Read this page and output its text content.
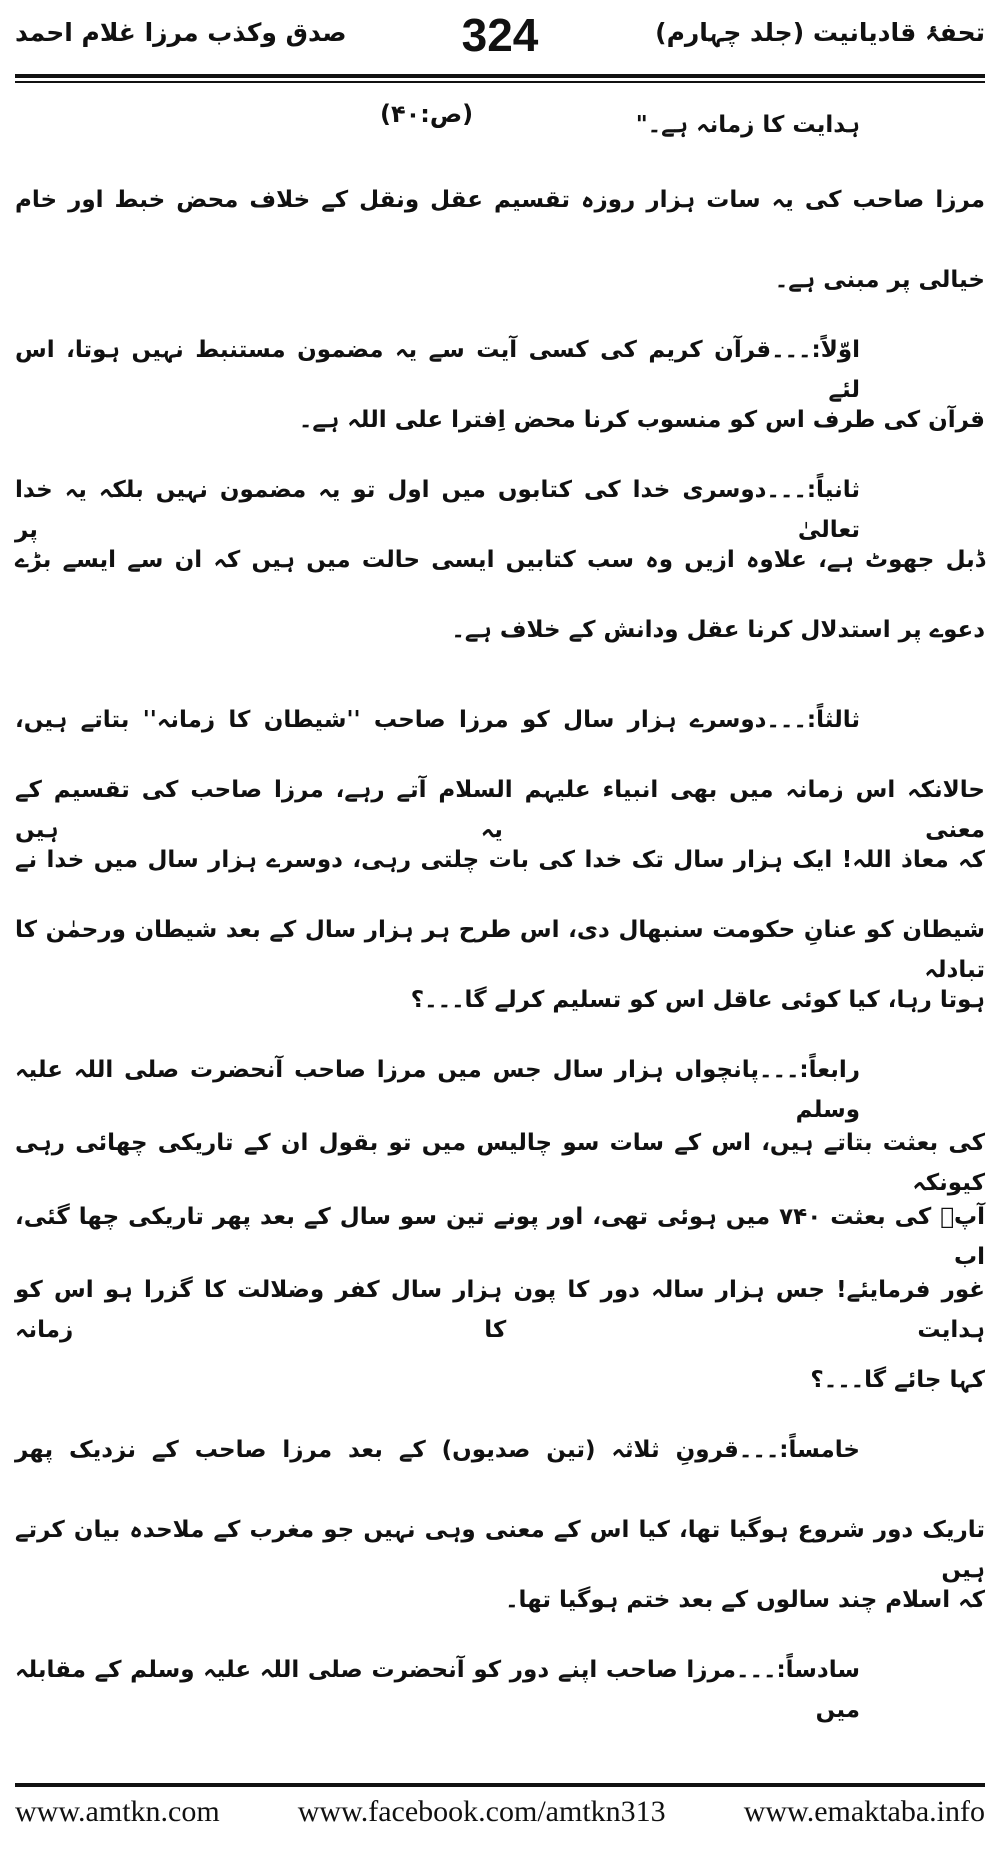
تحفۂ قادیانیت (جلد چہارم)
324
صدق وکذب مرزا غلام احمد
(ص:۴۰)	ہدایت کا زمانہ ہے۔"
مرزا صاحب کی یہ سات ہزار روزہ تقسیم عقل ونقل کے خلاف محض خبط اور خام
خیالی پر مبنی ہے۔
اوّلاً:۔۔۔قرآن کریم کی کسی آیت سے یہ مضمون مستنبط نہیں ہوتا، اس لئے
قرآن کی طرف اس کو منسوب کرنا محض اِفترا علی اللہ ہے۔
ثانیاً:۔۔۔دوسری خدا کی کتابوں میں اول تو یہ مضمون نہیں بلکہ یہ خدا تعالیٰ پر
ڈبل جھوٹ ہے، علاوہ ازیں وہ سب کتابیں ایسی حالت میں ہیں کہ ان سے ایسے بڑے
دعوے پر استدلال کرنا عقل ودانش کے خلاف ہے۔
ثالثاً:۔۔۔دوسرے ہزار سال کو مرزا صاحب ''شیطان کا زمانہ'' بتاتے ہیں،
حالانکہ اس زمانہ میں بھی انبیاء علیہم السلام آتے رہے، مرزا صاحب کی تقسیم کے معنی یہ ہیں
کہ معاذ اللہ! ایک ہزار سال تک خدا کی بات چلتی رہی، دوسرے ہزار سال میں خدا نے
شیطان کو عنانِ حکومت سنبھال دی، اس طرح ہر ہزار سال کے بعد شیطان ورحمٰن کا تبادلہ
ہوتا رہا، کیا کوئی عاقل اس کو تسلیم کرلے گا۔۔۔؟
رابعاً:۔۔۔پانچواں ہزار سال جس میں مرزا صاحب آنحضرت صلی اللہ علیہ وسلم
کی بعثت بتاتے ہیں، اس کے سات سو چالیس میں تو بقول ان کے تاریکی چھائی رہی کیونکہ
آپؐ کی بعثت ۷۴۰ میں ہوئی تھی، اور پونے تین سو سال کے بعد پھر تاریکی چھا گئی، اب
غور فرمایئے! جس ہزار سالہ دور کا پون ہزار سال کفر وضلالت کا گزرا ہو اس کو ہدایت کا زمانہ
کہا جائے گا۔۔۔؟
خامساً:۔۔۔قرونِ ثلاثہ (تین صدیوں) کے بعد مرزا صاحب کے نزدیک پھر
تاریک دور شروع ہوگیا تھا، کیا اس کے معنی وہی نہیں جو مغرب کے ملاحدہ بیان کرتے ہیں
کہ اسلام چند سالوں کے بعد ختم ہوگیا تھا۔
سادساً:۔۔۔مرزا صاحب اپنے دور کو آنحضرت صلی اللہ علیہ وسلم کے مقابلہ میں
www.amtkn.com	www.facebook.com/amtkn313	www.emaktaba.info
